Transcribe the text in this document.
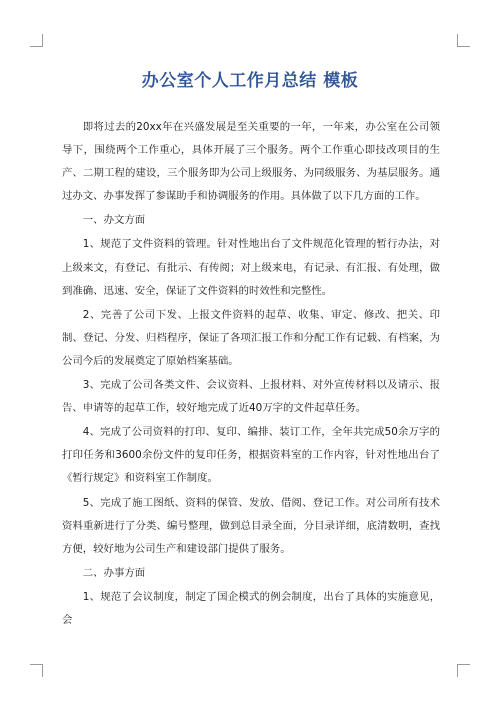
办公室个人工作月总结 模板

即将过去的20xx年在兴盛发展是至关重要的一年，一年来，办公室在公司领导下，围绕两个工作重心，具体开展了三个服务。两个工作重心即技改项目的生产、二期工程的建设，三个服务即为公司上级服务、为同级服务、为基层服务。通过办文、办事发挥了参谋助手和协调服务的作用。具体做了以下几方面的工作。

一、办文方面

1、规范了文件资料的管理。针对性地出台了文件规范化管理的暂行办法，对上级来文，有登记、有批示、有传阅；对上级来电，有记录、有汇报、有处理，做到准确、迅速、安全，保证了文件资料的时效性和完整性。

2、完善了公司下发、上报文件资料的起草、收集、审定、修改、把关、印制、登记、分发、归档程序，保证了各项汇报工作和分配工作有记载、有档案，为公司今后的发展奠定了原始档案基础。

3、完成了公司各类文件、会议资料、上报材料、对外宣传材料以及请示、报告、申请等的起草工作，较好地完成了近40万字的文件起草任务。

4、完成了公司资料的打印、复印、编排、装订工作，全年共完成50余万字的打印任务和3600余份文件的复印任务，根据资料室的工作内容，针对性地出台了《暂行规定》和资料室工作制度。

5、完成了施工图纸、资料的保管、发放、借阅、登记工作。对公司所有技术资料重新进行了分类、编号整理，做到总目录全面，分目录详细，底清数明，查找方便，较好地为公司生产和建设部门提供了服务。

二、办事方面

1、规范了会议制度，制定了国企模式的例会制度，出台了具体的实施意见，会
